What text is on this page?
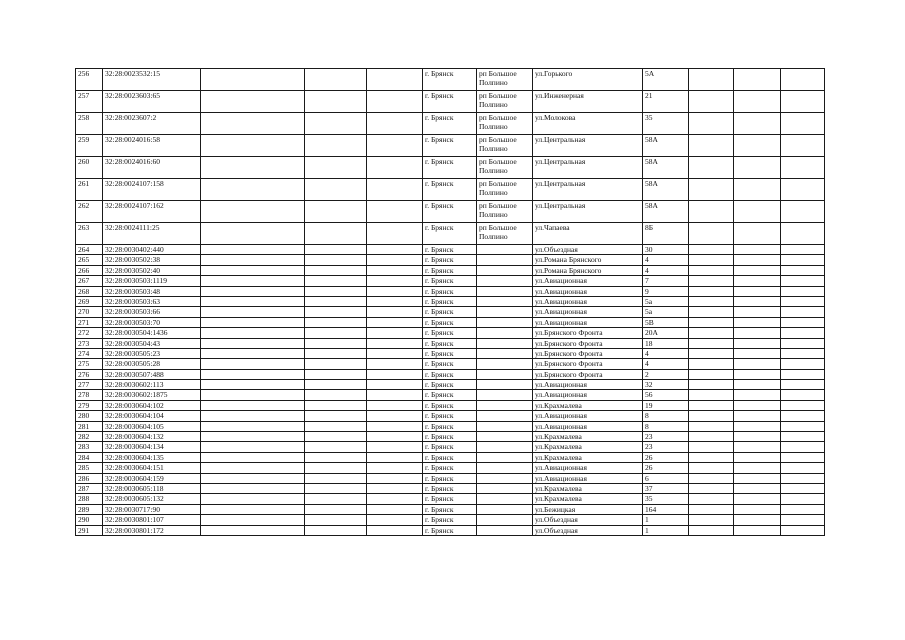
256	32:28:0023532:15				г. Брянск	рп Большое Полпино	ул.Горького	5А			
257	32:28:0023603:65				г. Брянск	рп Большое Полпино	ул.Инженерная	21			
258	32:28:0023607:2				г. Брянск	рп Большое Полпино	ул.Молокова	35			
259	32:28:0024016:58				г. Брянск	рп Большое Полпино	ул.Центральная	58А			
260	32:28:0024016:60				г. Брянск	рп Большое Полпино	ул.Центральная	58А			
261	32:28:0024107:158				г. Брянск	рп Большое Полпино	ул.Центральная	58А			
262	32:28:0024107:162				г. Брянск	рп Большое Полпино	ул.Центральная	58А			
263	32:28:0024111:25				г. Брянск	рп Большое Полпино	ул.Чапаева	8Б			
264	32:28:0030402:440				г. Брянск		ул.Объездная	30			
265	32:28:0030502:38				г. Брянск		ул.Романа Брянского	4			
266	32:28:0030502:40				г. Брянск		ул.Романа Брянского	4			
267	32:28:0030503:1119				г. Брянск		ул.Авиационная	7			
268	32:28:0030503:48				г. Брянск		ул.Авиационная	9			
269	32:28:0030503:63				г. Брянск		ул.Авиационная	5а			
270	32:28:0030503:66				г. Брянск		ул.Авиационная	5а			
271	32:28:0030503:70				г. Брянск		ул.Авиационная	5В			
272	32:28:0030504:1436				г. Брянск		ул.Брянского Фронта	20А			
273	32:28:0030504:43				г. Брянск		ул.Брянского Фронта	18			
274	32:28:0030505:23				г. Брянск		ул.Брянского Фронта	4			
275	32:28:0030505:28				г. Брянск		ул.Брянского Фронта	4			
276	32:28:0030507:488				г. Брянск		ул.Брянского Фронта	2			
277	32:28:0030602:113				г. Брянск		ул.Авиационная	32			
278	32:28:0030602:1875				г. Брянск		ул.Авиационная	56			
279	32:28:0030604:102				г. Брянск		ул.Крахмалева	19			
280	32:28:0030604:104				г. Брянск		ул.Авиационная	8			
281	32:28:0030604:105				г. Брянск		ул.Авиационная	8			
282	32:28:0030604:132				г. Брянск		ул.Крахмалева	23			
283	32:28:0030604:134				г. Брянск		ул.Крахмалева	23			
284	32:28:0030604:135				г. Брянск		ул.Крахмалева	26			
285	32:28:0030604:151				г. Брянск		ул.Авиационная	26			
286	32:28:0030604:159				г. Брянск		ул.Авиационная	6			
287	32:28:0030605:118				г. Брянск		ул.Крахмалева	37			
288	32:28:0030605:132				г. Брянск		ул.Крахмалева	35			
289	32:28:0030717:90				г. Брянск		ул.Бежицкая	164			
290	32:28:0030801:107				г. Брянск		ул.Объездная	1			
291	32:28:0030801:172				г. Брянск		ул.Объездная	1			
